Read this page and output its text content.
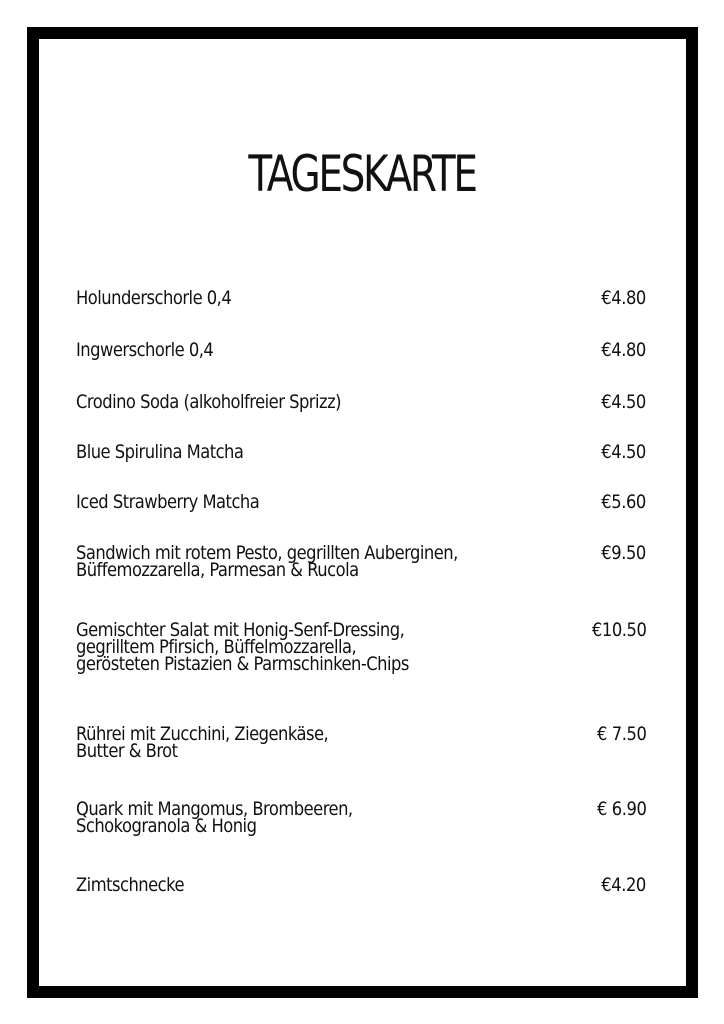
TAGESKARTE
Holunderschorle 0,4	€4.80
Ingwerschorle 0,4	€4.80
Crodino Soda (alkoholfreier Sprizz)	€4.50
Blue Spirulina Matcha	€4.50
Iced Strawberry Matcha	€5.60
Sandwich mit rotem Pesto, gegrillten Auberginen,
Büffemozzarella, Parmesan & Rucola
€9.50
Gemischter Salat mit Honig-Senf-Dressing,
gegrilltem Pfirsich, Büffelmozzarella,
gerösteten Pistazien & Parmschinken-Chips
€10.50
Rührei mit Zucchini, Ziegenkäse,
Butter & Brot
€ 7.50
Quark mit Mangomus, Brombeeren,
Schokogranola & Honig
€ 6.90
Zimtschnecke	€4.20
